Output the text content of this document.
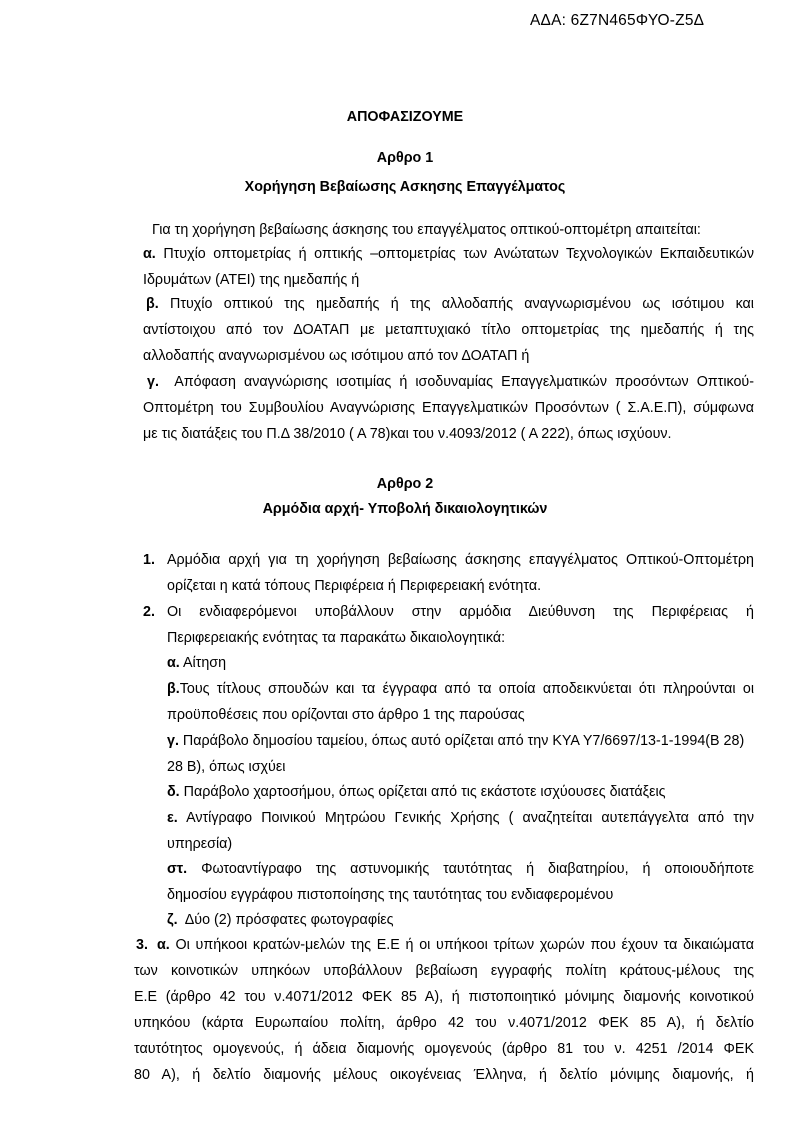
ΑΔΑ: 6Ζ7Ν465ΦΥΟ-Ζ5Δ
ΑΠΟΦΑΣΙΖΟΥΜΕ
Αρθρο 1
Χορήγηση Βεβαίωσης Ασκησης Επαγγέλματος
Για τη χορήγηση βεβαίωσης άσκησης του επαγγέλματος οπτικού-οπτομέτρη απαιτείται:
α. Πτυχίο οπτομετρίας ή οπτικής –οπτομετρίας των Ανώτατων Τεχνολογικών Εκπαιδευτικών
Ιδρυμάτων (ΑΤΕΙ) της ημεδαπής ή
β. Πτυχίο οπτικού της ημεδαπής ή της αλλοδαπής αναγνωρισμένου ως ισότιμου και
αντίστοιχου από τον ΔΟΑΤΑΠ με μεταπτυχιακό τίτλο οπτομετρίας της ημεδαπής ή της
αλλοδαπής αναγνωρισμένου ως ισότιμου από τον ΔΟΑΤΑΠ ή
γ. Απόφαση αναγνώρισης ισοτιμίας ή ισοδυναμίας Επαγγελματικών προσόντων Οπτικού-
Οπτομέτρη του Συμβουλίου Αναγνώρισης Επαγγελματικών Προσόντων ( Σ.Α.Ε.Π), σύμφωνα
με τις διατάξεις του Π.Δ 38/2010 ( Α 78)και του ν.4093/2012 ( Α 222), όπως ισχύουν.
Αρθρο 2
Αρμόδια αρχή- Υποβολή δικαιολογητικών
1. Αρμόδια αρχή για τη χορήγηση βεβαίωσης άσκησης επαγγέλματος Οπτικού-Οπτομέτρη
ορίζεται η κατά τόπους Περιφέρεια ή Περιφερειακή ενότητα.
2. Οι ενδιαφερόμενοι υποβάλλουν στην αρμόδια Διεύθυνση της Περιφέρειας ή
Περιφερειακής ενότητας τα παρακάτω δικαιολογητικά:
α. Αίτηση
β.Τους τίτλους σπουδών και τα έγγραφα από τα οποία αποδεικνύεται ότι πληρούνται οι
προϋποθέσεις που ορίζονται στο άρθρο 1 της παρούσας
γ. Παράβολο δημοσίου ταμείου, όπως αυτό ορίζεται από την ΚΥΑ Υ7/6697/13-1-1994(Β 28)
28 Β), όπως ισχύει
δ. Παράβολο χαρτοσήμου, όπως ορίζεται από τις εκάστοτε ισχύουσες διατάξεις
ε. Αντίγραφο Ποινικού Μητρώου Γενικής Χρήσης ( αναζητείται αυτεπάγγελτα από την
υπηρεσία)
στ. Φωτοαντίγραφο της αστυνομικής ταυτότητας ή διαβατηρίου, ή οποιουδήποτε
δημοσίου εγγράφου πιστοποίησης της ταυτότητας του ενδιαφερομένου
ζ. Δύο (2) πρόσφατες φωτογραφίες
3. α. Οι υπήκοοι κρατών-μελών της Ε.Ε ή οι υπήκοοι τρίτων χωρών που έχουν τα δικαιώματα
των κοινοτικών υπηκόων υποβάλλουν βεβαίωση εγγραφής πολίτη κράτους-μέλους της
Ε.Ε (άρθρο 42 του ν.4071/2012 ΦΕΚ 85 Α), ή πιστοποιητικό μόνιμης διαμονής κοινοτικού
υπηκόου (κάρτα Ευρωπαίου πολίτη, άρθρο 42 του ν.4071/2012 ΦΕΚ 85 Α), ή δελτίο
ταυτότητος ομογενούς, ή άδεια διαμονής ομογενούς (άρθρο 81 του ν. 4251 /2014 ΦΕΚ
80 Α), ή δελτίο διαμονής μέλους οικογένειας Έλληνα, ή δελτίο μόνιμης διαμονής, ή
